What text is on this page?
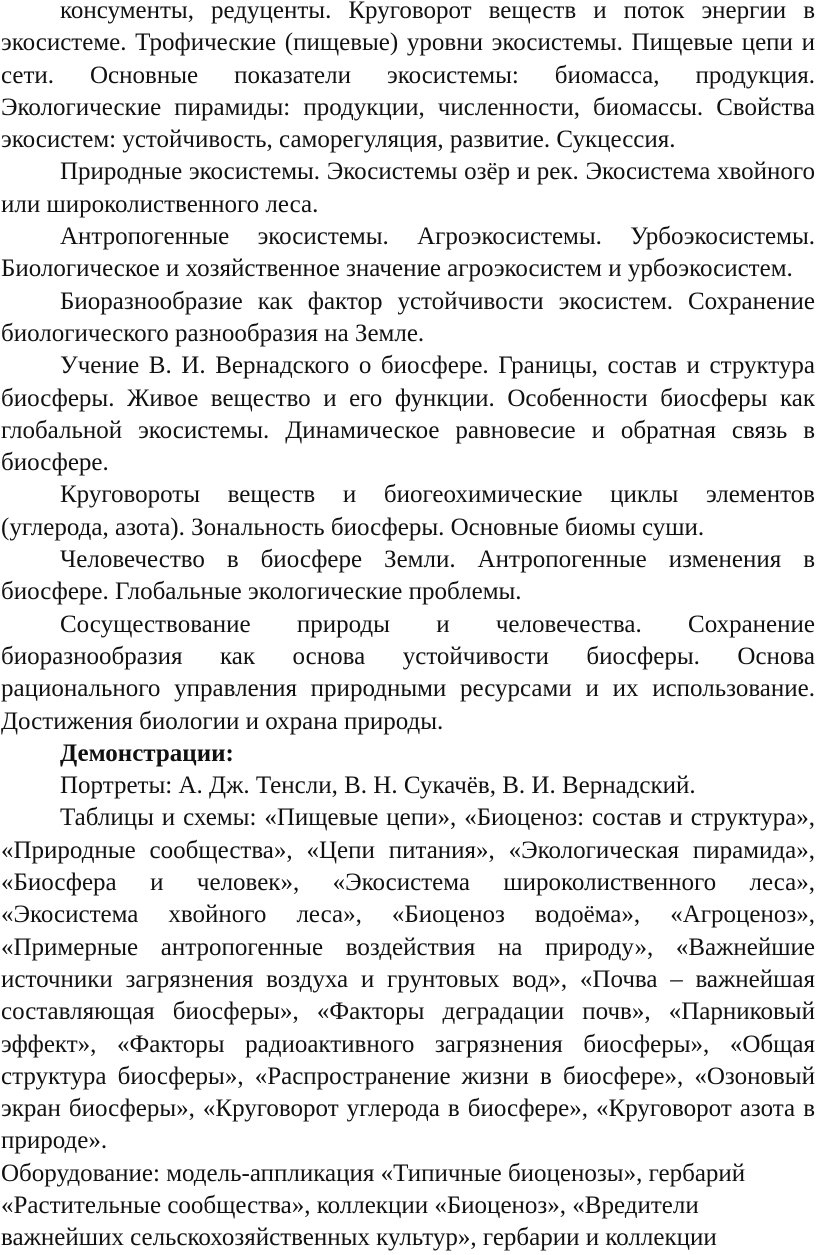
консументы, редуценты. Круговорот веществ и поток энергии в экосистеме. Трофические (пищевые) уровни экосистемы. Пищевые цепи и сети. Основные показатели экосистемы: биомасса, продукция. Экологические пирамиды: продукции, численности, биомассы. Свойства экосистем: устойчивость, саморегуляция, развитие. Сукцессия.

Природные экосистемы. Экосистемы озёр и рек. Экосистема хвойного или широколиственного леса.

Антропогенные экосистемы. Агроэкосистемы. Урбоэкосистемы. Биологическое и хозяйственное значение агроэкосистем и урбоэкосистем.

Биоразнообразие как фактор устойчивости экосистем. Сохранение биологического разнообразия на Земле.

Учение В. И. Вернадского о биосфере. Границы, состав и структура биосферы. Живое вещество и его функции. Особенности биосферы как глобальной экосистемы. Динамическое равновесие и обратная связь в биосфере.

Круговороты веществ и биогеохимические циклы элементов (углерода, азота). Зональность биосферы. Основные биомы суши.

Человечество в биосфере Земли. Антропогенные изменения в биосфере. Глобальные экологические проблемы.

Сосуществование природы и человечества. Сохранение биоразнообразия как основа устойчивости биосферы. Основа рационального управления природными ресурсами и их использование. Достижения биологии и охрана природы.

Демонстрации:

Портреты: А. Дж. Тенсли, В. Н. Сукачёв, В. И. Вернадский.

Таблицы и схемы: «Пищевые цепи», «Биоценоз: состав и структура», «Природные сообщества», «Цепи питания», «Экологическая пирамида», «Биосфера и человек», «Экосистема широколиственного леса», «Экосистема хвойного леса», «Биоценоз водоёма», «Агроценоз», «Примерные антропогенные воздействия на природу», «Важнейшие источники загрязнения воздуха и грунтовых вод», «Почва – важнейшая составляющая биосферы», «Факторы деградации почв», «Парниковый эффект», «Факторы радиоактивного загрязнения биосферы», «Общая структура биосферы», «Распространение жизни в биосфере», «Озоновый экран биосферы», «Круговорот углерода в биосфере», «Круговорот азота в природе».

Оборудование: модель-аппликация «Типичные биоценозы», гербарий «Растительные сообщества», коллекции «Биоценоз», «Вредители важнейших сельскохозяйственных культур», гербарии и коллекции
